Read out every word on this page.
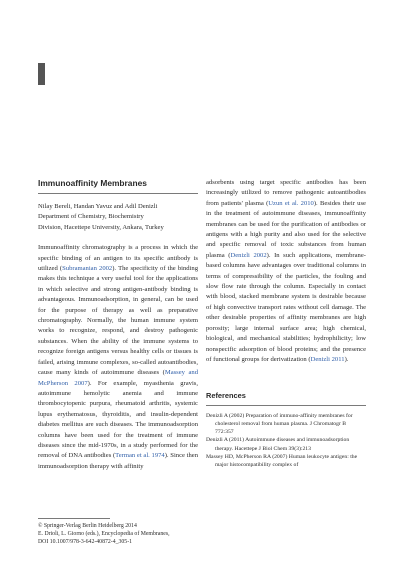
Immunoaffinity Membranes
Nilay Bereli, Handan Yavuz and Adil Denizli
Department of Chemistry, Biochemistry
Division, Hacettepe University, Ankara, Turkey
Immunoaffinity chromatography is a process in which the specific binding of an antigen to its specific antibody is utilized (Subramanian 2002). The specificity of the binding makes this technique a very useful tool for the applications in which selective and strong antigen-antibody binding is advantageous. Immunoadsorption, in general, can be used for the purpose of therapy as well as preparative chromatography. Normally, the human immune system works to recognize, respond, and destroy pathogenic substances. When the ability of the immune systems to recognize foreign antigens versus healthy cells or tissues is failed, arising immune complexes, so-called autoantibodies, cause many kinds of autoimmune diseases (Massey and McPherson 2007). For example, myasthenia gravis, autoimmune hemolytic anemia and immune thrombocytopenic purpura, rheumatoid arthritis, systemic lupus erythematosus, thyroiditis, and insulin-dependent diabetes mellitus are such diseases. The immunoadsorption columns have been used for the treatment of immune diseases since the mid-1970s, in a study performed for the removal of DNA antibodies (Terman et al. 1974). Since then immunoadsorption therapy with affinity
adsorbents using target specific antibodies has been increasingly utilized to remove pathogenic autoantibodies from patients' plasma (Uzun et al. 2010). Besides their use in the treatment of autoimmune diseases, immunoaffinity membranes can be used for the purification of antibodies or antigens with a high purity and also used for the selective and specific removal of toxic substances from human plasma (Denizli 2002). In such applications, membrane-based columns have advantages over traditional columns in terms of compressibility of the particles, the fouling and slow flow rate through the column. Especially in contact with blood, stacked membrane system is desirable because of high convective transport rates without cell damage. The other desirable properties of affinity membranes are high porosity; large internal surface area; high chemical, biological, and mechanical stabilities; hydrophilicity; low nonspecific adsorption of blood proteins; and the presence of functional groups for derivatization (Denizli 2011).
References
Denizli A (2002) Preparation of immuno-affinity membranes for cholesterol removal from human plasma. J Chromatogr B 772:357
Denizli A (2011) Autoimmune diseases and immunoadsorption therapy. Hacettepe J Biol Chem 39(3):213
Massey HD, McPherson RA (2007) Human leukocyte antigen: the major histocompatibility complex of
© Springer-Verlag Berlin Heidelberg 2014
E. Drioli, L. Giorno (eds.), Encyclopedia of Membranes,
DOI 10.1007/978-3-642-40872-4_305-1
